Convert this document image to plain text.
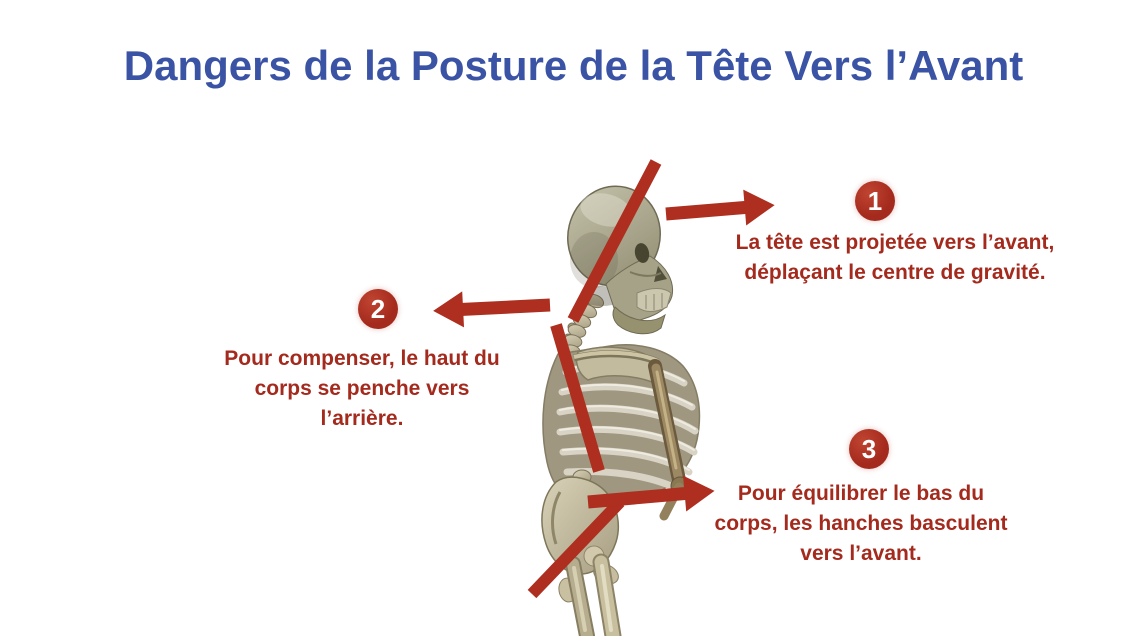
Dangers de la Posture de la Tête Vers l’Avant
1
La tête est projetée vers l’avant,
déplaçant le centre de gravité.
2
Pour compenser, le haut du
corps se penche vers
l’arrière.
3
Pour équilibrer le bas du
corps, les hanches basculent
vers l’avant.
